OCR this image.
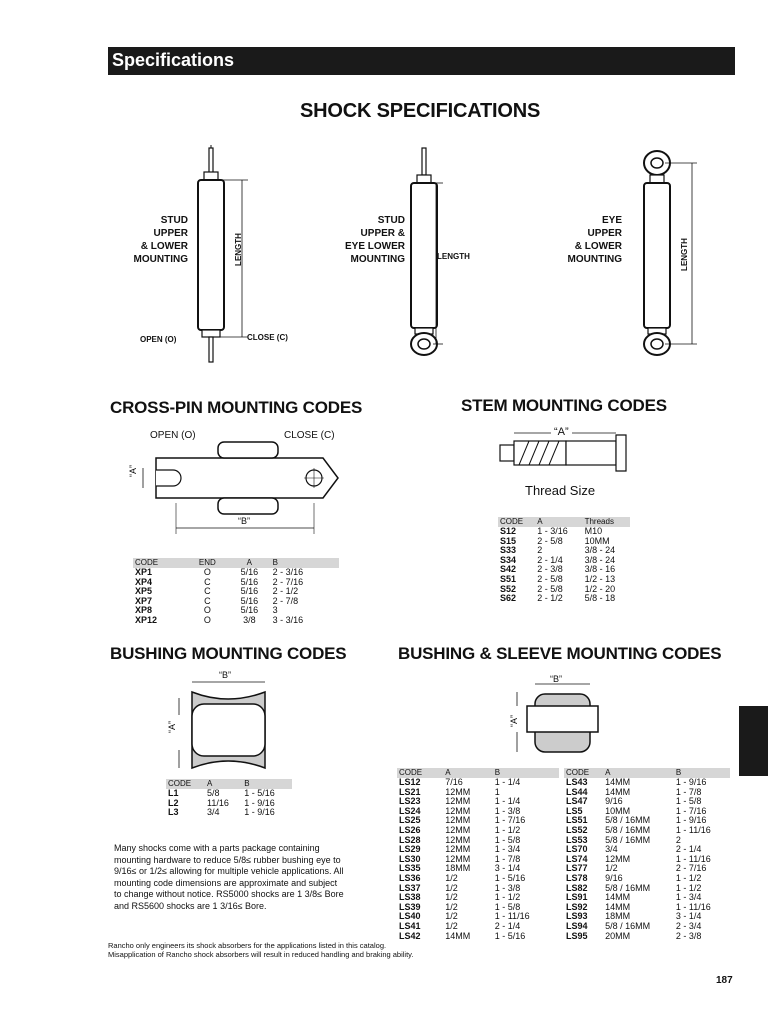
Specifications
SHOCK SPECIFICATIONS
STUD
UPPER
& LOWER
MOUNTING	LENGTH
OPEN (O)	CLOSE (C)
STUD
UPPER &
EYE LOWER
MOUNTING	LENGTH
EYE
UPPER
& LOWER
MOUNTING	LENGTH
CROSS-PIN MOUNTING CODES
OPEN (O)	CLOSE (C)
“A”
“B”
CODE	END	A	B
XP1	O	5/16	2 - 3/16
XP4	C	5/16	2 - 7/16
XP5	C	5/16	2 - 1/2
XP7	C	5/16	2 - 7/8
XP8	O	5/16	3
XP12	O	3/8	3 - 3/16
STEM MOUNTING CODES
“A”
Thread Size
CODE	A	Threads
S12	1 - 3/16	M10
S15	2 - 5/8	10MM
S33	2	3/8 - 24
S34	2 - 1/4	3/8 - 24
S42	2 - 3/8	3/8 - 16
S51	2 - 5/8	1/2 - 13
S52	2 - 5/8	1/2 - 20
S62	2 - 1/2	5/8 - 18
BUSHING MOUNTING CODES
“B”
“A”
CODE	A	B
L1	5/8	1 - 5/16
L2	11/16	1 - 9/16
L3	3/4	1 - 9/16
BUSHING & SLEEVE MOUNTING CODES
“B”
“A”
CODE	A	B
LS12	7/16	1 - 1/4
LS21	12MM	1
LS23	12MM	1 - 1/4
LS24	12MM	1 - 3/8
LS25	12MM	1 - 7/16
LS26	12MM	1 - 1/2
LS28	12MM	1 - 5/8
LS29	12MM	1 - 3/4
LS30	12MM	1 - 7/8
LS35	18MM	3 - 1/4
LS36	1/2	1 - 5/16
LS37	1/2	1 - 3/8
LS38	1/2	1 - 1/2
LS39	1/2	1 - 5/8
LS40	1/2	1 - 11/16
LS41	1/2	2 - 1/4
LS42	14MM	1 - 5/16
CODE	A	B
LS43	14MM	1 - 9/16
LS44	14MM	1 - 7/8
LS47	9/16	1 - 5/8
LS5	10MM	1 - 7/16
LS51	5/8 / 16MM	1 - 9/16
LS52	5/8 / 16MM	1 - 11/16
LS53	5/8 / 16MM	2
LS70	3/4	2 - 1/4
LS74	12MM	1 - 11/16
LS77	1/2	2 - 7/16
LS78	9/16	1 - 1/2
LS82	5/8 / 16MM	1 - 1/2
LS91	14MM	1 - 3/4
LS92	14MM	1 - 11/16
LS93	18MM	3 - 1/4
LS94	5/8 / 16MM	2 - 3/4
LS95	20MM	2 - 3/8
Many shocks come with a parts package containing mounting hardware to reduce 5/8≤ rubber bushing eye to 9/16≤ or 1/2≤ allowing for multiple vehicle applications. All mounting code dimensions are approximate and subject to change without notice. RS5000 shocks are 1 3/8≤ Bore and RS5600 shocks are 1 3/16≤ Bore.
Rancho only engineers its shock absorbers for the applications listed in this catalog.
Misapplication of Rancho shock absorbers will result in reduced handling and braking ability.
187
